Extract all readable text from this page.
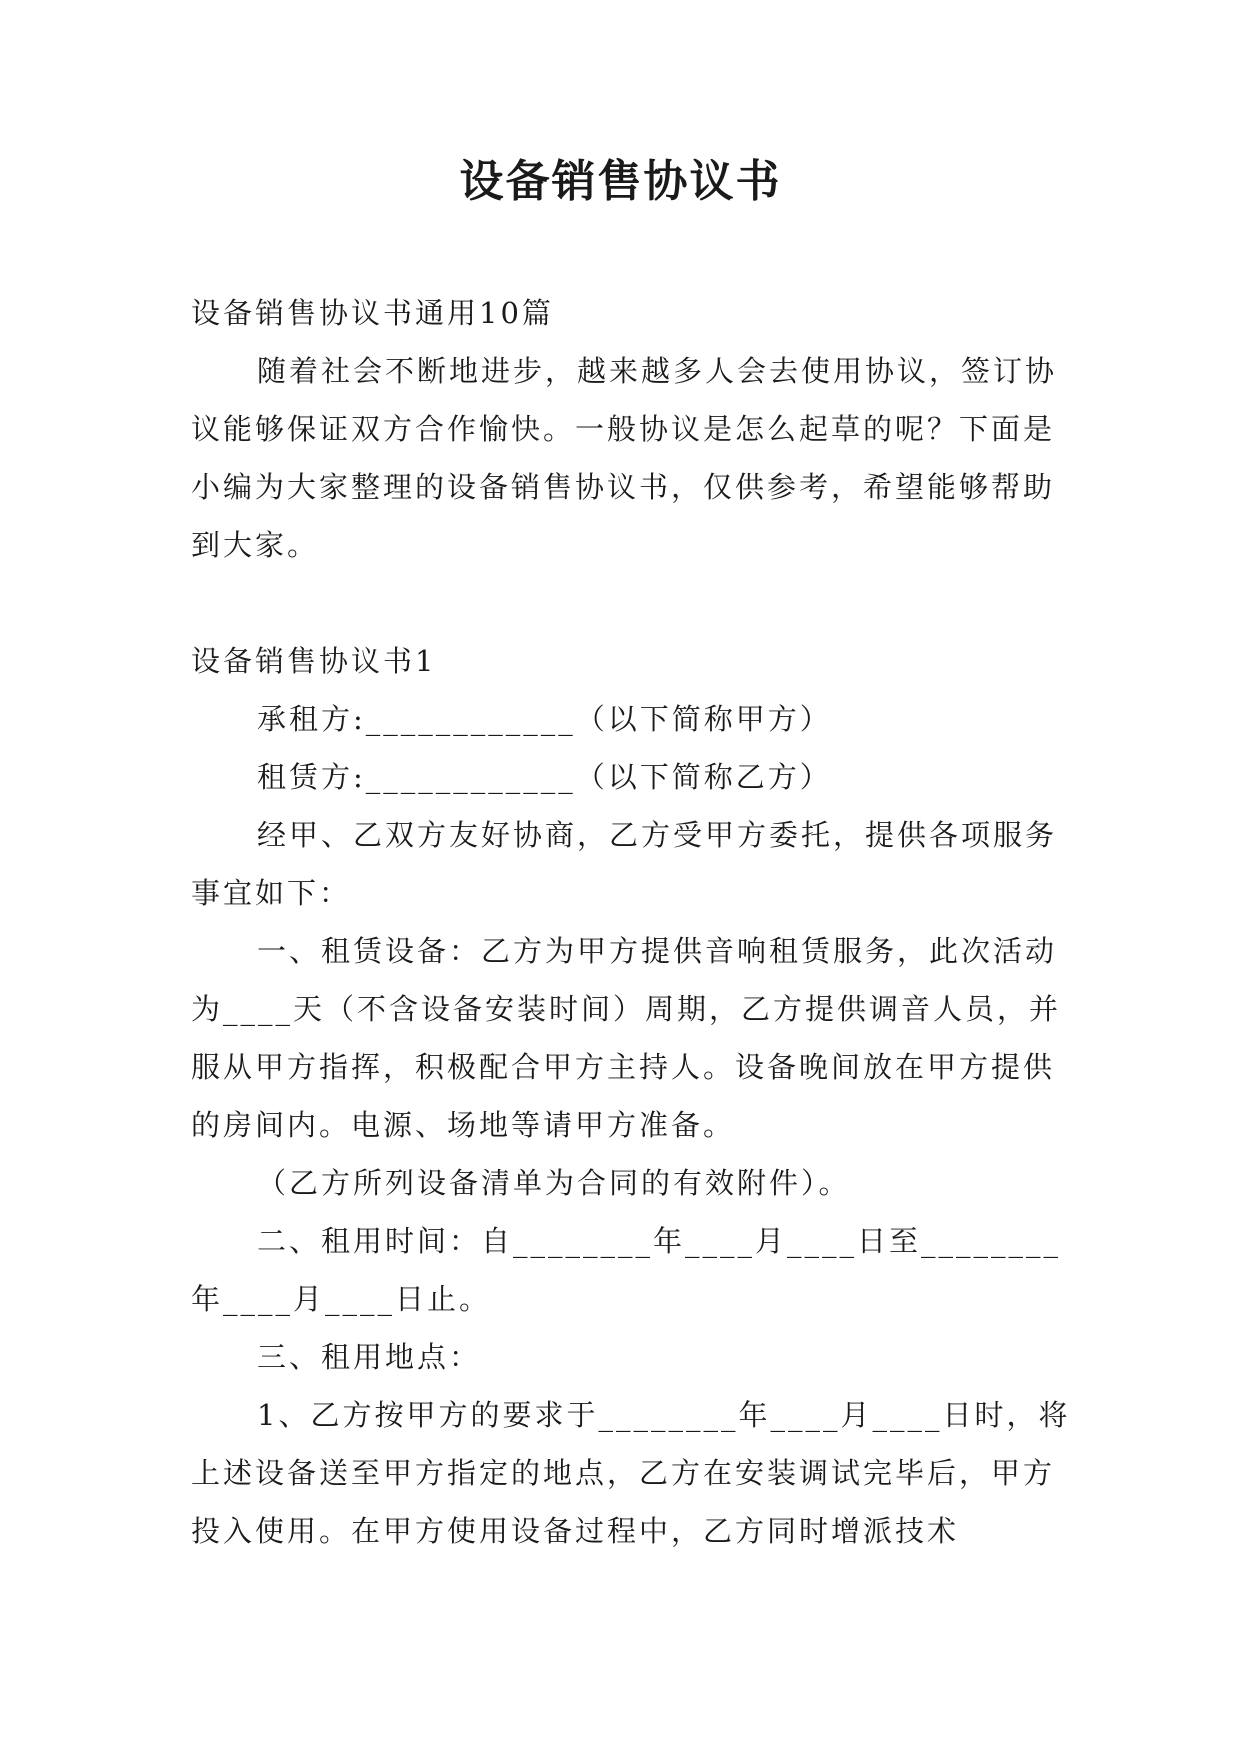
设备销售协议书

设备销售协议书通用10篇

随着社会不断地进步，越来越多人会去使用协议，签订协议能够保证双方合作愉快。一般协议是怎么起草的呢？下面是小编为大家整理的设备销售协议书，仅供参考，希望能够帮助到大家。

设备销售协议书1

承租方:____________（以下简称甲方）

租赁方:____________（以下简称乙方）

经甲、乙双方友好协商，乙方受甲方委托，提供各项服务事宜如下：

一、租赁设备：乙方为甲方提供音响租赁服务，此次活动为____天（不含设备安装时间）周期，乙方提供调音人员，并服从甲方指挥，积极配合甲方主持人。设备晚间放在甲方提供的房间内。电源、场地等请甲方准备。

（乙方所列设备清单为合同的有效附件）。

二、租用时间：自________年____月____日至________年____月____日止。

三、租用地点：

1、乙方按甲方的要求于________年____月____日时，将上述设备送至甲方指定的地点，乙方在安装调试完毕后，甲方投入使用。在甲方使用设备过程中，乙方同时增派技术
